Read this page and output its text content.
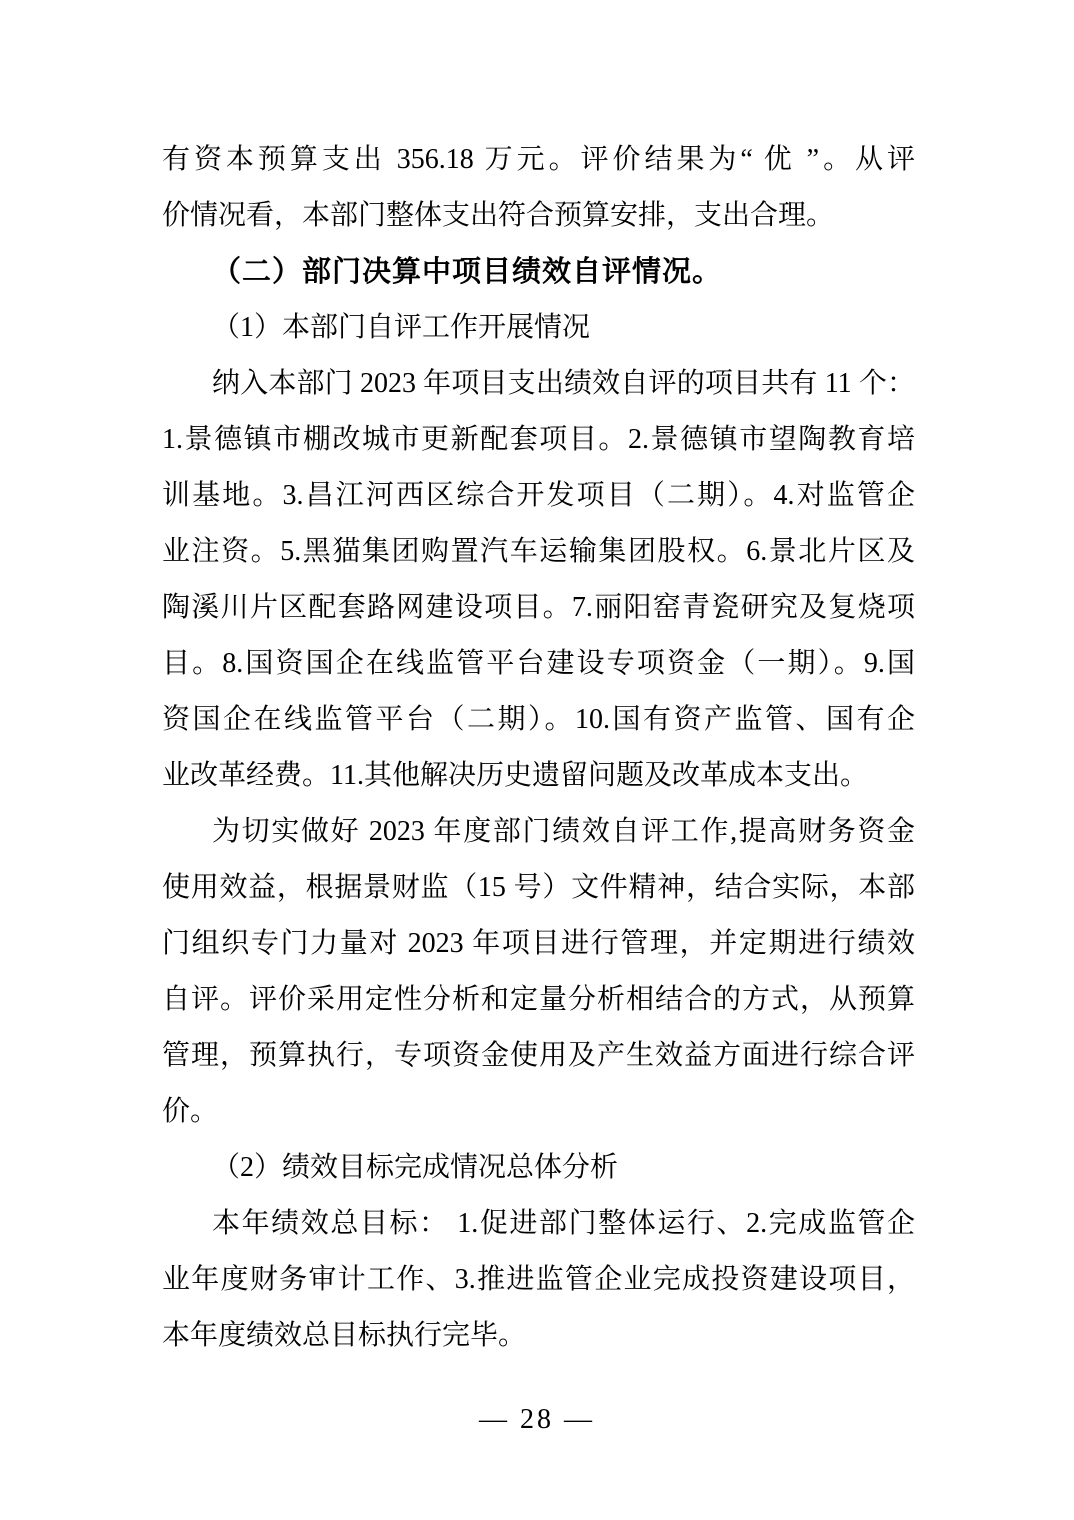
有资本预算支出 356.18 万元。评价结果为“ 优 ”。从评
价情况看，本部门整体支出符合预算安排，支出合理。
（二）部门决算中项目绩效自评情况。
（1）本部门自评工作开展情况
纳入本部门 2023 年项目支出绩效自评的项目共有 11 个：
1.景德镇市棚改城市更新配套项目。2.景德镇市望陶教育培
训基地。3.昌江河西区综合开发项目（二期）。4.对监管企
业注资。5.黑猫集团购置汽车运输集团股权。6.景北片区及
陶溪川片区配套路网建设项目。7.丽阳窑青瓷研究及复烧项
目。8.国资国企在线监管平台建设专项资金（一期）。9.国
资国企在线监管平台（二期）。10.国有资产监管、国有企
业改革经费。11.其他解决历史遗留问题及改革成本支出。
为切实做好 2023 年度部门绩效自评工作,提高财务资金
使用效益，根据景财监（15 号）文件精神，结合实际，本部
门组织专门力量对 2023 年项目进行管理，并定期进行绩效
自评。评价采用定性分析和定量分析相结合的方式，从预算
管理，预算执行，专项资金使用及产生效益方面进行综合评
价。
（2）绩效目标完成情况总体分析
本年绩效总目标： 1.促进部门整体运行、2.完成监管企
业年度财务审计工作、3.推进监管企业完成投资建设项目，
本年度绩效总目标执行完毕。
— 28 —
